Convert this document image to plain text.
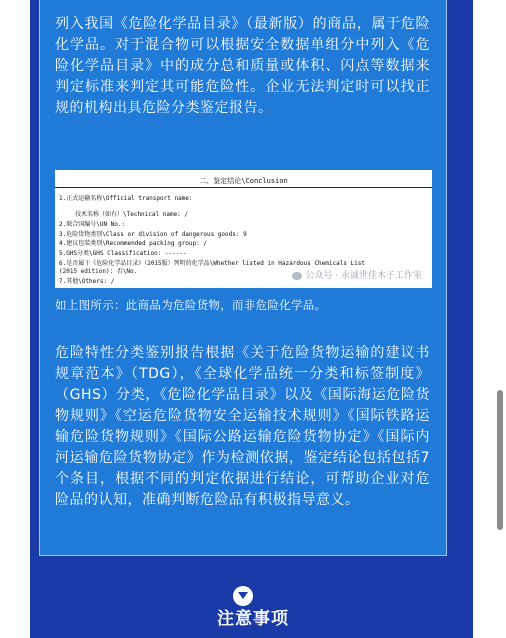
列入我国《危险化学品目录》（最新版）的商品，属于危险化学品。对于混合物可以根据安全数据单组分中列入《危险化学品目录》中的成分总和质量或体积、闪点等数据来判定标准来判定其可能危险性。企业无法判定时可以找正规的机构出具危险分类鉴定报告。

二、鉴定结论\Conclusion
1.正式运输名称\Official transport name:
技术名称（如有）\Technical name: /
2.联合国编号\UN No.:
3.危险货物类别\Class or division of dangerous goods: 9
4.建议包装类别\Recommended packing group: /
5.GHS分类\GHS Classification: ------
6.是否属于《危险化学品目录》（2015版）列明的化学品\Whether listed in Hazardous Chemicals List
(2015 edition): 否\No.
7.其他\Others: /
公众号 · 永诚世佳木子工作室

如上图所示：此商品为危险货物，而非危险化学品。

危险特性分类鉴别报告根据《关于危险货物运输的建议书规章范本》（TDG），《全球化学品统一分类和标签制度》（GHS）分类，《危险化学品目录》以及《国际海运危险货物规则》《空运危险货物安全运输技术规则》《国际铁路运输危险货物规则》《国际公路运输危险货物协定》《国际内河运输危险货物协定》作为检测依据，鉴定结论包括包括7个条目，根据不同的判定依据进行结论，可帮助企业对危险品的认知，准确判断危险品有积极指导意义。

注意事项
